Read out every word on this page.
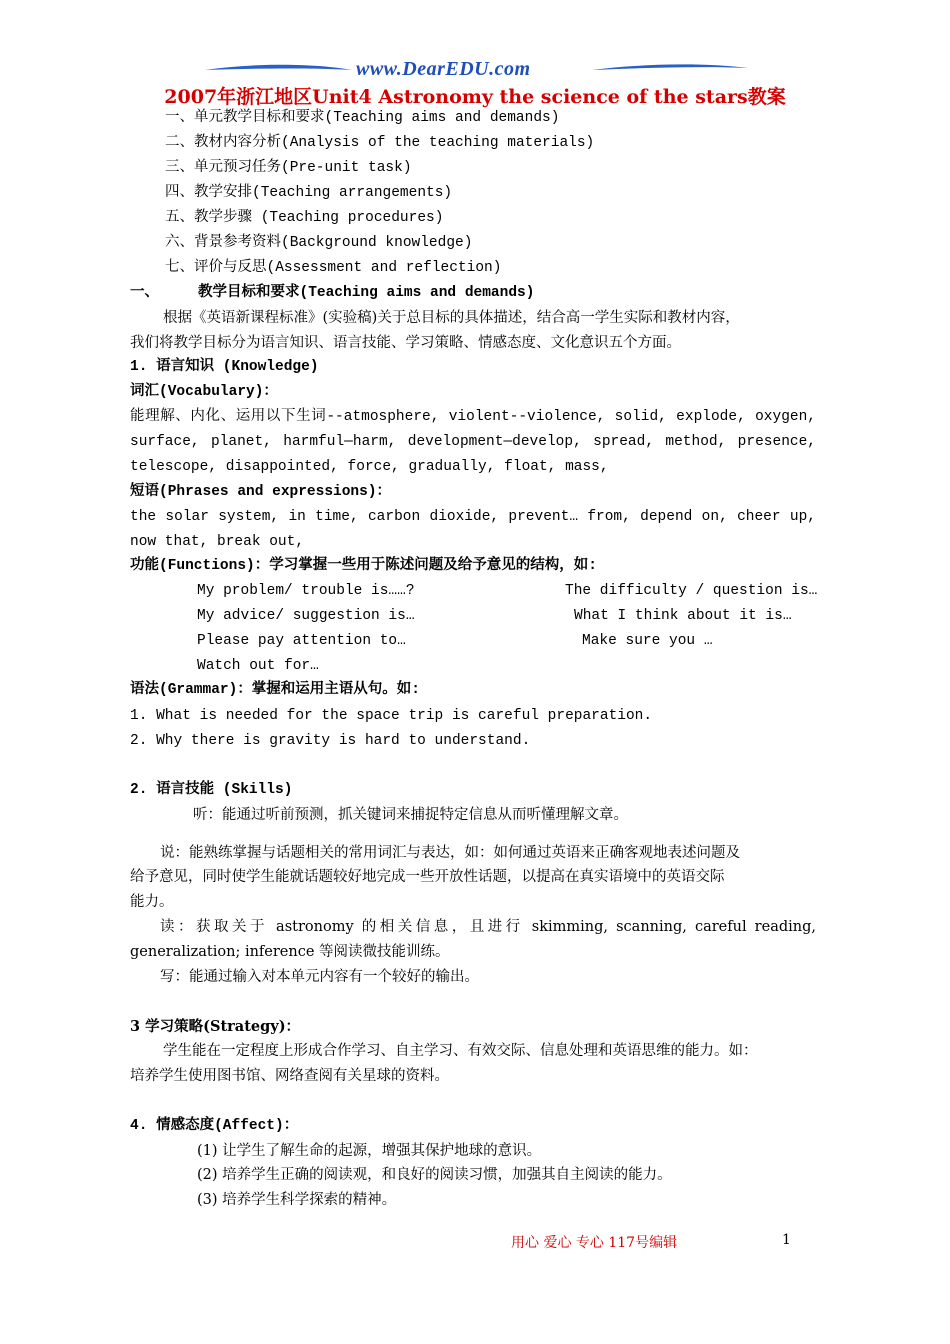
www.DearEDU.com
2007年浙江地区Unit4 Astronomy the science of the stars教案
一、单元教学目标和要求(Teaching aims and demands)
二、教材内容分析(Analysis of the teaching materials)
三、单元预习任务(Pre-unit task)
四、教学安排(Teaching arrangements)
五、教学步骤 (Teaching procedures)
六、背景参考资料(Background knowledge)
七、评价与反思(Assessment and reflection)
一、	教学目标和要求(Teaching aims and demands)
根据《英语新课程标准》(实验稿)关于总目标的具体描述，结合高一学生实际和教材内容，
我们将教学目标分为语言知识、语言技能、学习策略、情感态度、文化意识五个方面。
1. 语言知识 (Knowledge)
词汇(Vocabulary)：
能理解、内化、运用以下生词--atmosphere, violent--violence, solid, explode, oxygen,
surface, planet, harmful—harm, development—develop, spread, method, presence,
telescope, disappointed, force, gradually, float, mass,
短语(Phrases and expressions)：
the solar system, in time, carbon dioxide, prevent… from, depend on, cheer up,
now that, break out,
功能(Functions)：学习掌握一些用于陈述问题及给予意见的结构，如:
My problem/ trouble is……?	The difficulty / question is…
My advice/ suggestion is…	What I think about it is…
Please pay attention to…	Make sure you …
Watch out for…
语法(Grammar)：掌握和运用主语从句。如:
1. What is needed for the space trip is careful preparation.
2. Why there is gravity is hard to understand.
2. 语言技能 (Skills)
听：能通过听前预测，抓关键词来捕捉特定信息从而听懂理解文章。
说：能熟练掌握与话题相关的常用词汇与表达，如：如何通过英语来正确客观地表述问题及
给予意见，同时使学生能就话题较好地完成一些开放性话题，以提高在真实语境中的英语交际
能力。
读：获取关于 astronomy 的相关信息，且进行 skimming, scanning, careful reading,
generalization; inference 等阅读微技能训练。
写：能通过输入对本单元内容有一个较好的输出。
3 学习策略(Strategy)：
学生能在一定程度上形成合作学习、自主学习、有效交际、信息处理和英语思维的能力。如：
培养学生使用图书馆、网络查阅有关星球的资料。
4. 情感态度(Affect)：
(1) 让学生了解生命的起源，增强其保护地球的意识。
(2) 培养学生正确的阅读观，和良好的阅读习惯，加强其自主阅读的能力。
(3) 培养学生科学探索的精神。
用心 爱心 专心 117号编辑	1
